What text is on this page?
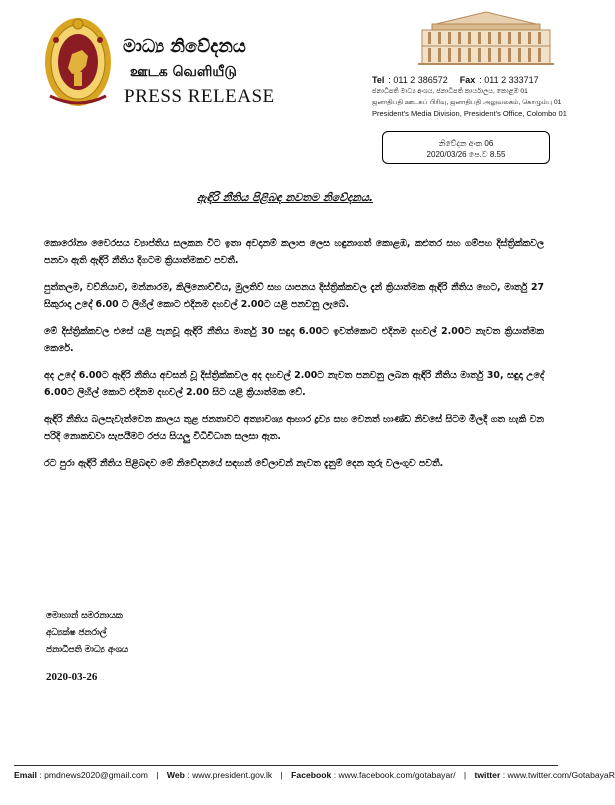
මාධ්‍ය නිවේදනය
ஊடக வெளியீடு
PRESS RELEASE
Tel : 011 2 386572 Fax : 011 2 333717
ජනාධිපති මාධ්‍ය අංශය, ජනාධිපති කාර්යාලය, කොළඹ 01
ஜனாதிபதி ஊடகப் பிரிவு, ஜனாதிபதி அலுவலகம், கொழும்பு 01
President's Media Division, President's Office, Colombo 01
නිවේදන අංක 06
2020/03/26 පෙ.ව 8.55
ඇඳිරි නීතිය පිළිබඳ නවතම නිවේදනය.

කොරෝනා වෛරසය ව්‍යාප්තිය සලකන විට ඉතා අවදානම් කලාප ලෙස හඳුනාගත් කොළඹ, කළුතර සහ ගම්පහ දිස්ත්‍රික්කවල පනවා ඇති ඇඳිරි නීතිය දිගටම ක්‍රියාත්මකව පවතී.

පුත්තලම, වව්නියාව, මන්නාරම, කිලිනොච්චිය, මුලතිව් සහ යාපනය දිස්ත්‍රික්කවල දැන් ක්‍රියාත්මක ඇඳිරි නීතිය හෙට, මාර්තු 27 සිකුරාදා උදේ 6.00 ට ලිහිල් කොට එදිනම දහවල් 2.00ට යළි පනවනු ලැබේ.

මේ දිස්ත්‍රික්කවල එසේ යළි පැනවූ ඇඳිරි නීතිය මාර්තු 30 සඳුදා 6.00ට ඉවත්කොට එදිනම දහවල් 2.00ට නැවත ක්‍රියාත්මක කෙරේ.

අද උදේ 6.00ට ඇඳිරි නීතිය අවසන් වූ දිස්ත්‍රික්කවල අද දහවල් 2.00ට නැවත පනවනු ලබන ඇඳිරි නීතිය මාර්තු 30, සඳුදා උදේ 6.00ට ලිහිල් කොට එදිනම දහවල් 2.00 සිට යළි ක්‍රියාත්මක වේ.

ඇඳිරි නීතිය බලපැවැත්වෙන කාලය තුළ ජනතාවට අත්‍යාවශ්‍ය ආහාර ද්‍රව්‍ය සහ වෙනත් භාණ්ඩ නිවසේ සිටම මිලදී ගත හැකි වන පරිදි නොකඩවා සැපයීමට රජය සියලු විධිවිධාන සලසා ඇත.

රට පුරා ඇඳිරි නීතිය පිළිබඳව මේ නිවේදනයේ සඳහන් වේලාවන් නැවත දැනුම් දෙන තුරු වලංගුව පවතී.

මොහාන් සමරනායක
අධ්‍යක්ෂ ජනරාල්
ජනාධිපති මාධ්‍ය අංශය
2020-03-26
Email : pmdnews2020@gmail.com | Web : www.president.gov.lk | Facebook : www.facebook.com/gotabayar/ | twitter : www.twitter.com/GotabayaR
